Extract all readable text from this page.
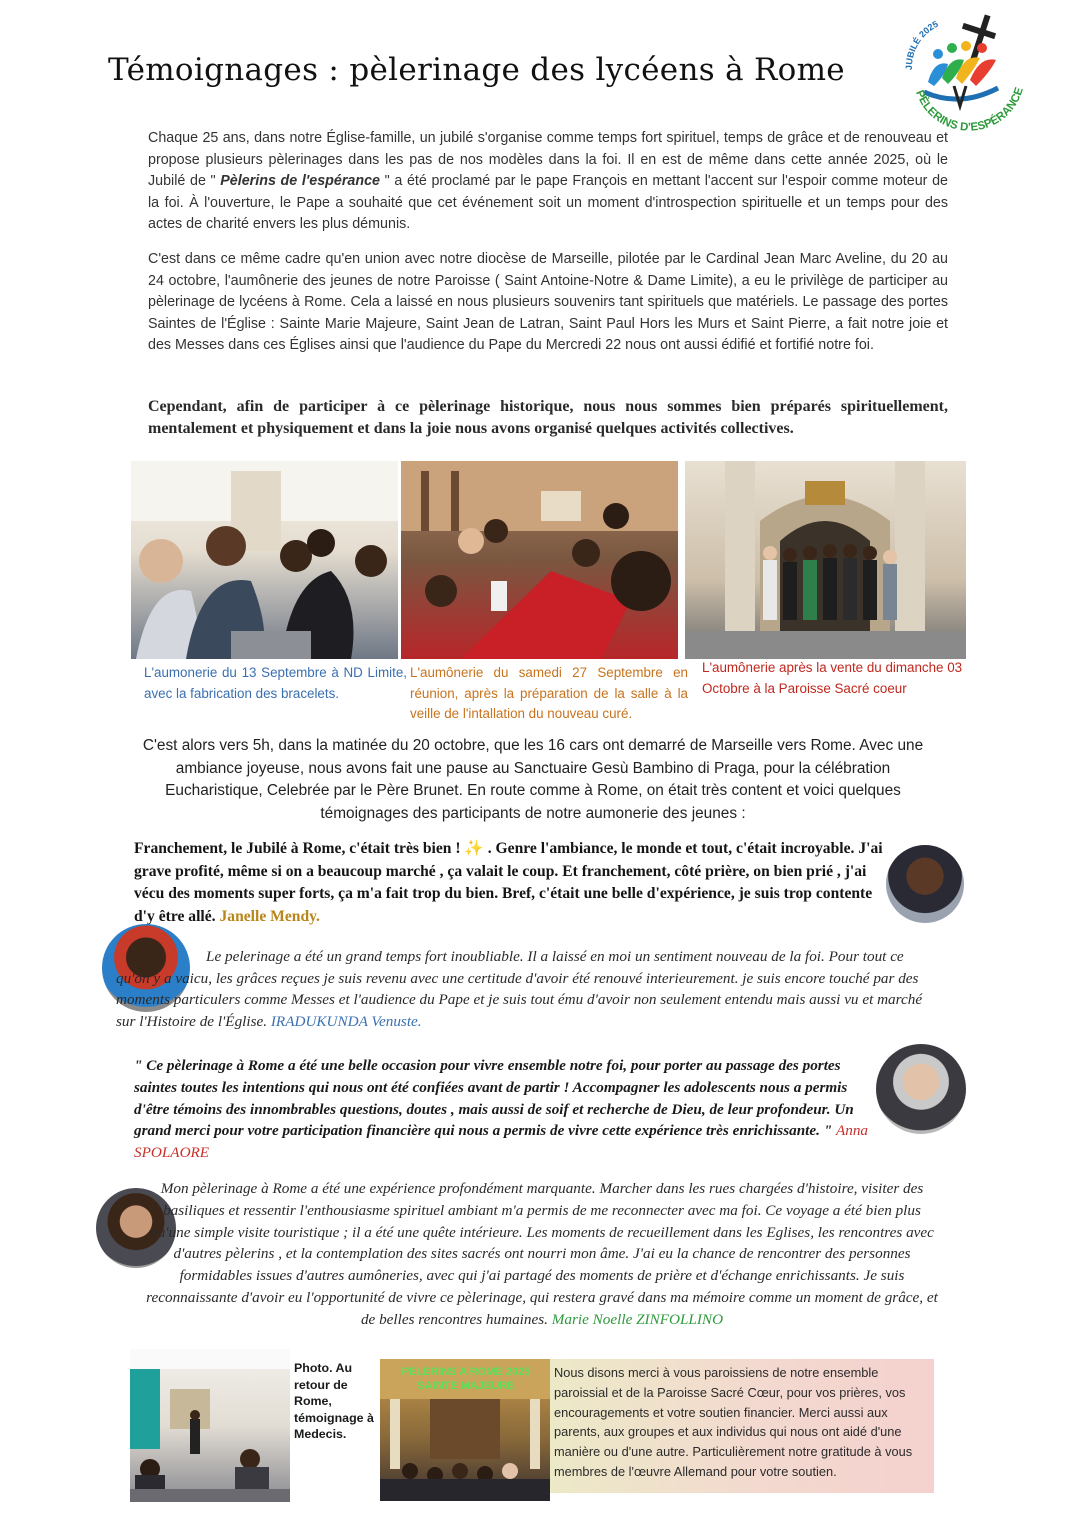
Témoignages : pèlerinage des lycéens à Rome	JUBILÉ 2025
PÈLERINS D'ESPÉRANCE
Chaque 25 ans, dans notre Église-famille, un jubilé s'organise comme temps fort spirituel, temps de grâce et de renouveau et propose plusieurs pèlerinages dans les pas de nos modèles dans la foi. Il en est de même dans cette année 2025, où le Jubilé de " Pèlerins de l'espérance " a été proclamé par le pape François en mettant l'accent sur l'espoir comme moteur de la foi. À l'ouverture, le Pape a souhaité que cet événement soit un moment d'introspection spirituelle et un temps pour des actes de charité envers les plus démunis.
C'est dans ce même cadre qu'en union avec notre diocèse de Marseille, pilotée par le Cardinal Jean Marc Aveline, du 20 au 24 octobre, l'aumônerie des jeunes de notre Paroisse ( Saint Antoine-Notre & Dame Limite), a eu le privilège de participer au pèlerinage de lycéens à Rome. Cela a laissé en nous plusieurs souvenirs tant spirituels que matériels. Le passage des portes Saintes de l'Église : Sainte Marie Majeure, Saint Jean de Latran, Saint Paul Hors les Murs et Saint Pierre, a fait notre joie et des Messes dans ces Églises ainsi que l'audience du Pape du Mercredi 22 nous ont aussi édifié et fortifié notre foi.
Cependant, afin de participer à ce pèlerinage historique, nous nous sommes bien préparés spirituellement, mentalement et physiquement et dans la joie nous avons organisé quelques activités collectives.
L'aumonerie du 13 Septembre à ND Limite, avec la fabrication des bracelets.
L'aumônerie du samedi 27 Septembre en réunion, après la préparation de la salle à la veille de l'intallation du nouveau curé.
L'aumônerie après la vente du dimanche 03 Octobre à la Paroisse Sacré coeur
C'est alors vers 5h, dans la matinée du 20 octobre, que les 16 cars ont demarré de Marseille vers Rome. Avec une ambiance joyeuse, nous avons fait une pause au Sanctuaire Gesù Bambino di Praga, pour la célébration Eucharistique, Celebrée par le Père Brunet. En route comme à Rome, on était très content et voici quelques témoignages des participants de notre aumonerie des jeunes :
Franchement, le Jubilé à Rome, c'était très bien ! ✨ . Genre l'ambiance, le monde et tout, c'était incroyable. J'ai grave profité, même si on a beaucoup marché , ça valait le coup. Et franchement, côté prière, on bien prié , j'ai vécu des moments super forts, ça m'a fait trop du bien. Bref, c'était une belle d'expérience, je suis trop contente d'y être allé. Janelle Mendy.
Le pelerinage a été un grand temps fort inoubliable. Il a laissé en moi un sentiment nouveau de la foi. Pour tout ce qu'on y a vaicu, les grâces reçues je suis revenu avec une certitude d'avoir été renouvé interieurement. je suis encore touché par des moments particulers comme Messes et l'audience du Pape et je suis tout ému d'avoir non seulement entendu mais aussi vu et marché sur l'Histoire de l'Église. IRADUKUNDA Venuste.
" Ce pèlerinage à Rome a été une belle occasion pour vivre ensemble notre foi, pour porter au passage des portes saintes toutes les intentions qui nous ont été confiées avant de partir ! Accompagner les adolescents nous a permis d'être témoins des innombrables questions, doutes , mais aussi de soif et recherche de Dieu, de leur profondeur. Un grand merci pour votre participation financière qui nous a permis de vivre cette expérience très enrichissante. " Anna SPOLAORE
Mon pèlerinage à Rome a été une expérience profondément marquante. Marcher dans les rues chargées d'histoire, visiter des basiliques et ressentir l'enthousiasme spirituel ambiant m'a permis de me reconnecter avec ma foi. Ce voyage a été bien plus qu'une simple visite touristique ; il a été une quête intérieure. Les moments de recueillement dans les Eglises, les rencontres avec d'autres pèlerins , et la contemplation des sites sacrés ont nourri mon âme. J'ai eu la chance de rencontrer des personnes formidables issues d'autres aumôneries, avec qui j'ai partagé des moments de prière et d'échange enrichissants. Je suis reconnaissante d'avoir eu l'opportunité de vivre ce pèlerinage, qui restera gravé dans ma mémoire comme un moment de grâce, et de belles rencontres humaines. Marie Noelle ZINFOLLINO
Photo. Au retour de Rome, témoignage à Medecis.
PELERINS A ROME 2025 SAINTE MAJEURE
Nous disons merci à vous paroissiens de notre ensemble paroissial et de la Paroisse Sacré Cœur, pour vos prières, vos encouragements et votre soutien financier. Merci aussi aux parents, aux groupes et aux individus qui nous ont aidé d'une manière ou d'une autre. Particulièrement notre gratitude à vous membres de l'œuvre Allemand pour votre soutien.
